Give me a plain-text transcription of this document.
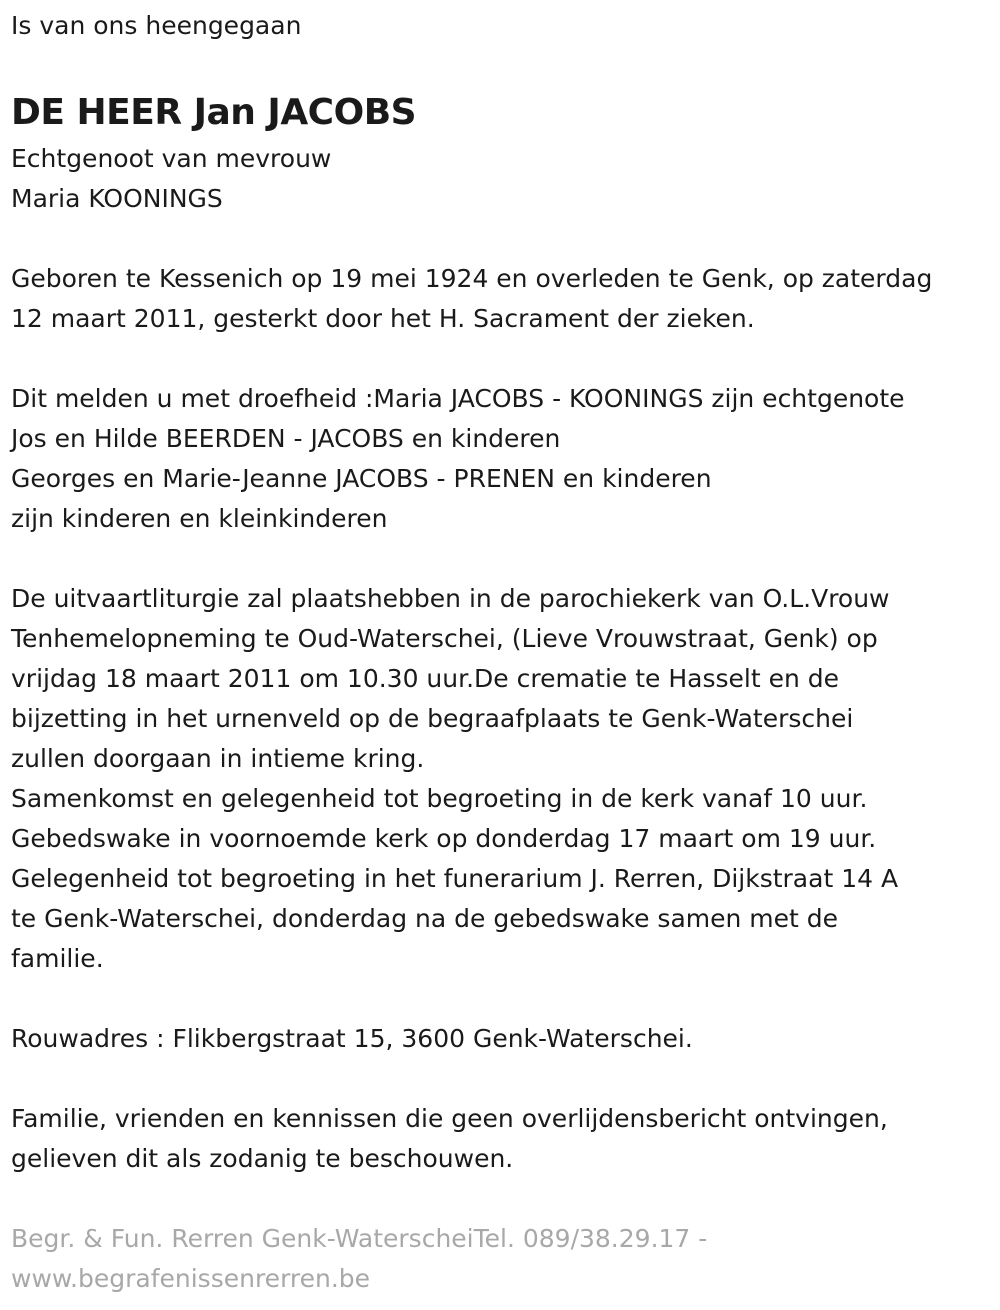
Is van ons heengegaan

DE HEER Jan JACOBS

Echtgenoot van mevrouw

Maria KOONINGS

Geboren te Kessenich op 19 mei 1924 en overleden te Genk, op zaterdag

12 maart 2011, gesterkt door het H. Sacrament der zieken.

Dit melden u met droefheid :Maria JACOBS - KOONINGS zijn echtgenote

Jos en Hilde BEERDEN - JACOBS en kinderen

Georges en Marie-Jeanne JACOBS - PRENEN en kinderen

zijn kinderen en kleinkinderen

De uitvaartliturgie zal plaatshebben in de parochiekerk van O.L.Vrouw

Tenhemelopneming te Oud-Waterschei, (Lieve Vrouwstraat, Genk) op

vrijdag 18 maart 2011 om 10.30 uur.De crematie te Hasselt en de

bijzetting in het urnenveld op de begraafplaats te Genk-Waterschei

zullen doorgaan in intieme kring.

Samenkomst en gelegenheid tot begroeting in de kerk vanaf 10 uur.

Gebedswake in voornoemde kerk op donderdag 17 maart om 19 uur.

Gelegenheid tot begroeting in het funerarium J. Rerren, Dijkstraat 14 A

te Genk-Waterschei, donderdag na de gebedswake samen met de

familie.

Rouwadres : Flikbergstraat 15, 3600 Genk-Waterschei.

Familie, vrienden en kennissen die geen overlijdensbericht ontvingen,

gelieven dit als zodanig te beschouwen.

Begr. & Fun. Rerren Genk-WaterscheiTel. 089/38.29.17 -

www.begrafenissenrerren.be
